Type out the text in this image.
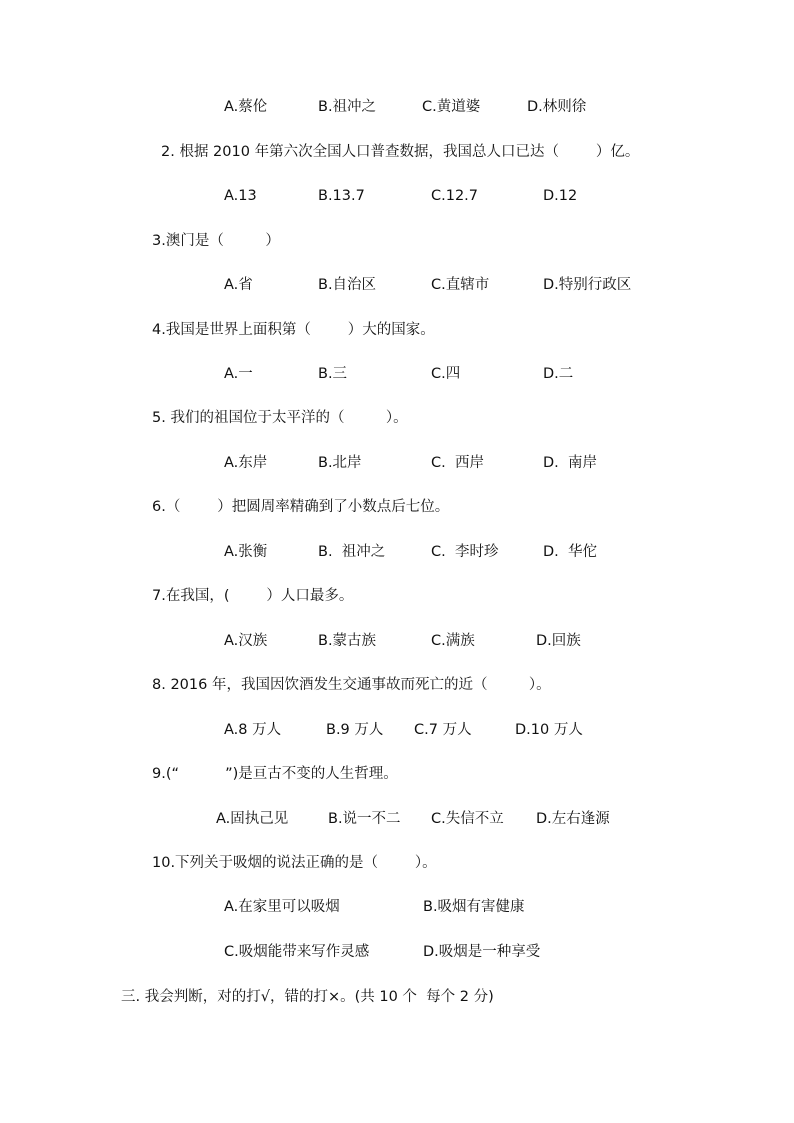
A.蔡伦	B.祖冲之	C.黄道婆	D.林则徐
2. 根据 2010 年第六次全国人口普查数据，我国总人口已达（        ）亿。
A.13	B.13.7	C.12.7	D.12
3.澳门是（         ）
A.省	B.自治区	C.直辖市	D.特别行政区
4.我国是世界上面积第（        ）大的国家。
A.一	B.三	C.四	D.二
5. 我们的祖国位于太平洋的（         ）。
A.东岸	B.北岸	C.  西岸	D.  南岸
6.（        ）把圆周率精确到了小数点后七位。
A.张衡	B.  祖冲之	C.  李时珍	D.  华佗
7.在我国，(        ）人口最多。
A.汉族	B.蒙古族	C.满族	D.回族
8. 2016 年，我国因饮酒发生交通事故而死亡的近（         ）。
A.8 万人	B.9 万人 C.7 万人	D.10 万人
9.(“          ”)是亘古不变的人生哲理。
A.固执己见	B.说一不二 C.失信不立 D.左右逢源
10.下列关于吸烟的说法正确的是（        ）。
A.在家里可以吸烟	B.吸烟有害健康
C.吸烟能带来写作灵感	D.吸烟是一种享受
三. 我会判断，对的打√，错的打×。(共 10 个  每个 2 分)
